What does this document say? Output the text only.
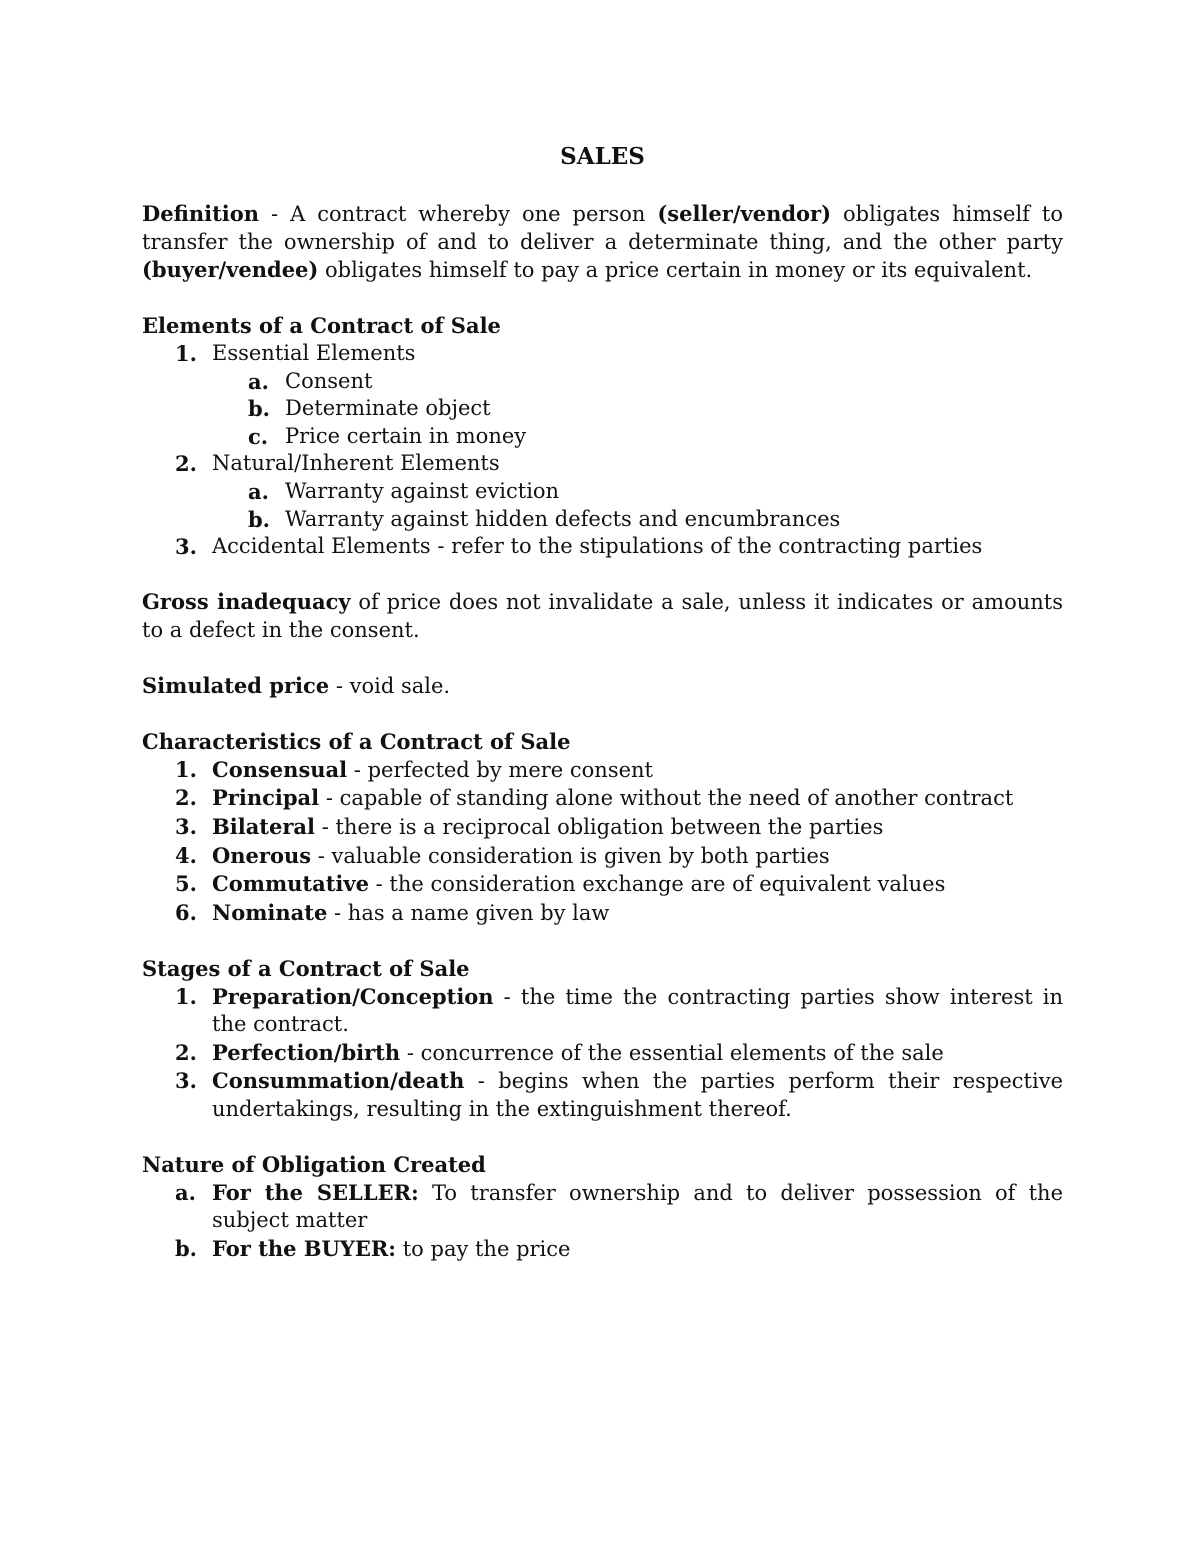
SALES

Definition - A contract whereby one person (seller/vendor) obligates himself to transfer the ownership of and to deliver a determinate thing, and the other party (buyer/vendee) obligates himself to pay a price certain in money or its equivalent.

Elements of a Contract of Sale

1. Essential Elements
a. Consent
b. Determinate object
c. Price certain in money
2. Natural/Inherent Elements
a. Warranty against eviction
b. Warranty against hidden defects and encumbrances
3. Accidental Elements - refer to the stipulations of the contracting parties

Gross inadequacy of price does not invalidate a sale, unless it indicates or amounts to a defect in the consent.

Simulated price - void sale.

Characteristics of a Contract of Sale

1. Consensual - perfected by mere consent
2. Principal - capable of standing alone without the need of another contract
3. Bilateral - there is a reciprocal obligation between the parties
4. Onerous - valuable consideration is given by both parties
5. Commutative - the consideration exchange are of equivalent values
6. Nominate - has a name given by law

Stages of a Contract of Sale

1. Preparation/Conception - the time the contracting parties show interest in the contract.
2. Perfection/birth - concurrence of the essential elements of the sale
3. Consummation/death - begins when the parties perform their respective undertakings, resulting in the extinguishment thereof.

Nature of Obligation Created

a. For the SELLER: To transfer ownership and to deliver possession of the subject matter
b. For the BUYER: to pay the price
